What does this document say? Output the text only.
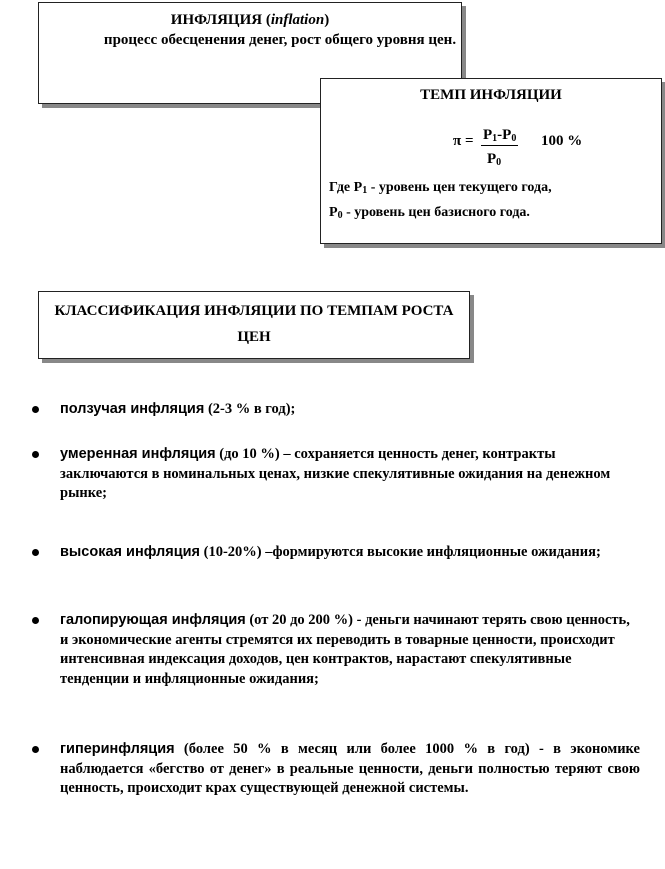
ИНФЛЯЦИЯ (inflation)
процесс обесценения денег, рост общего уровня цен.
ТЕМП ИНФЛЯЦИИ
$\pi = P_1-P_0$
$P_0$
100 %
Где $P_1$ - уровень цен текущего года,
$P_0$ - уровень цен базисного года.
КЛАССИФИКАЦИЯ ИНФЛЯЦИИ ПО ТЕМПАМ РОСТА ЦЕН
ползучая инфляция (2-3 % в год);
умеренная инфляция (до 10 %) – сохраняется ценность денег, контракты заключаются в номинальных ценах, низкие спекулятивные ожидания на денежном рынке;
высокая инфляция (10-20%) –формируются высокие инфляционные ожидания;
галопирующая инфляция (от 20 до 200 %) - деньги начинают терять свою ценность, и экономические агенты стремятся их переводить в товарные ценности, происходит интенсивная индексация доходов, цен контрактов, нарастают спекулятивные тенденции и инфляционные ожидания;
гиперинфляция (более 50 % в месяц или более 1000 % в год) - в экономике наблюдается «бегство от денег» в реальные ценности, деньги полностью теряют свою ценность, происходит крах существующей денежной системы.
